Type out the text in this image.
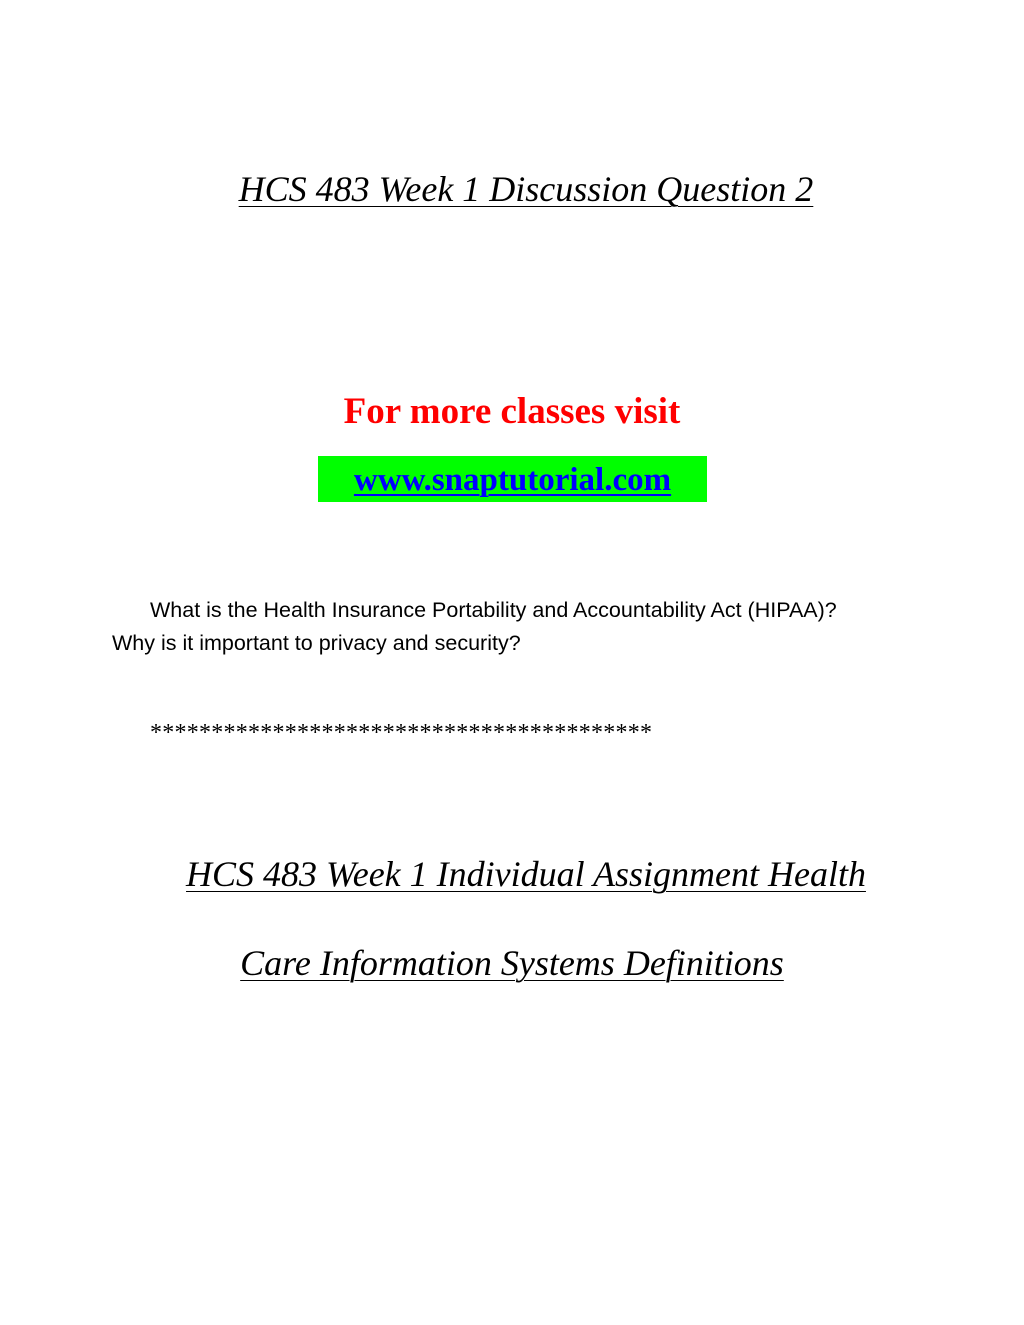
HCS 483 Week 1 Discussion Question 2
For more classes visit
www.snaptutorial.com
What is the Health Insurance Portability and Accountability Act (HIPAA)? Why is it important to privacy and security?
*****************************************
HCS 483 Week 1 Individual Assignment Health
Care Information Systems Definitions
